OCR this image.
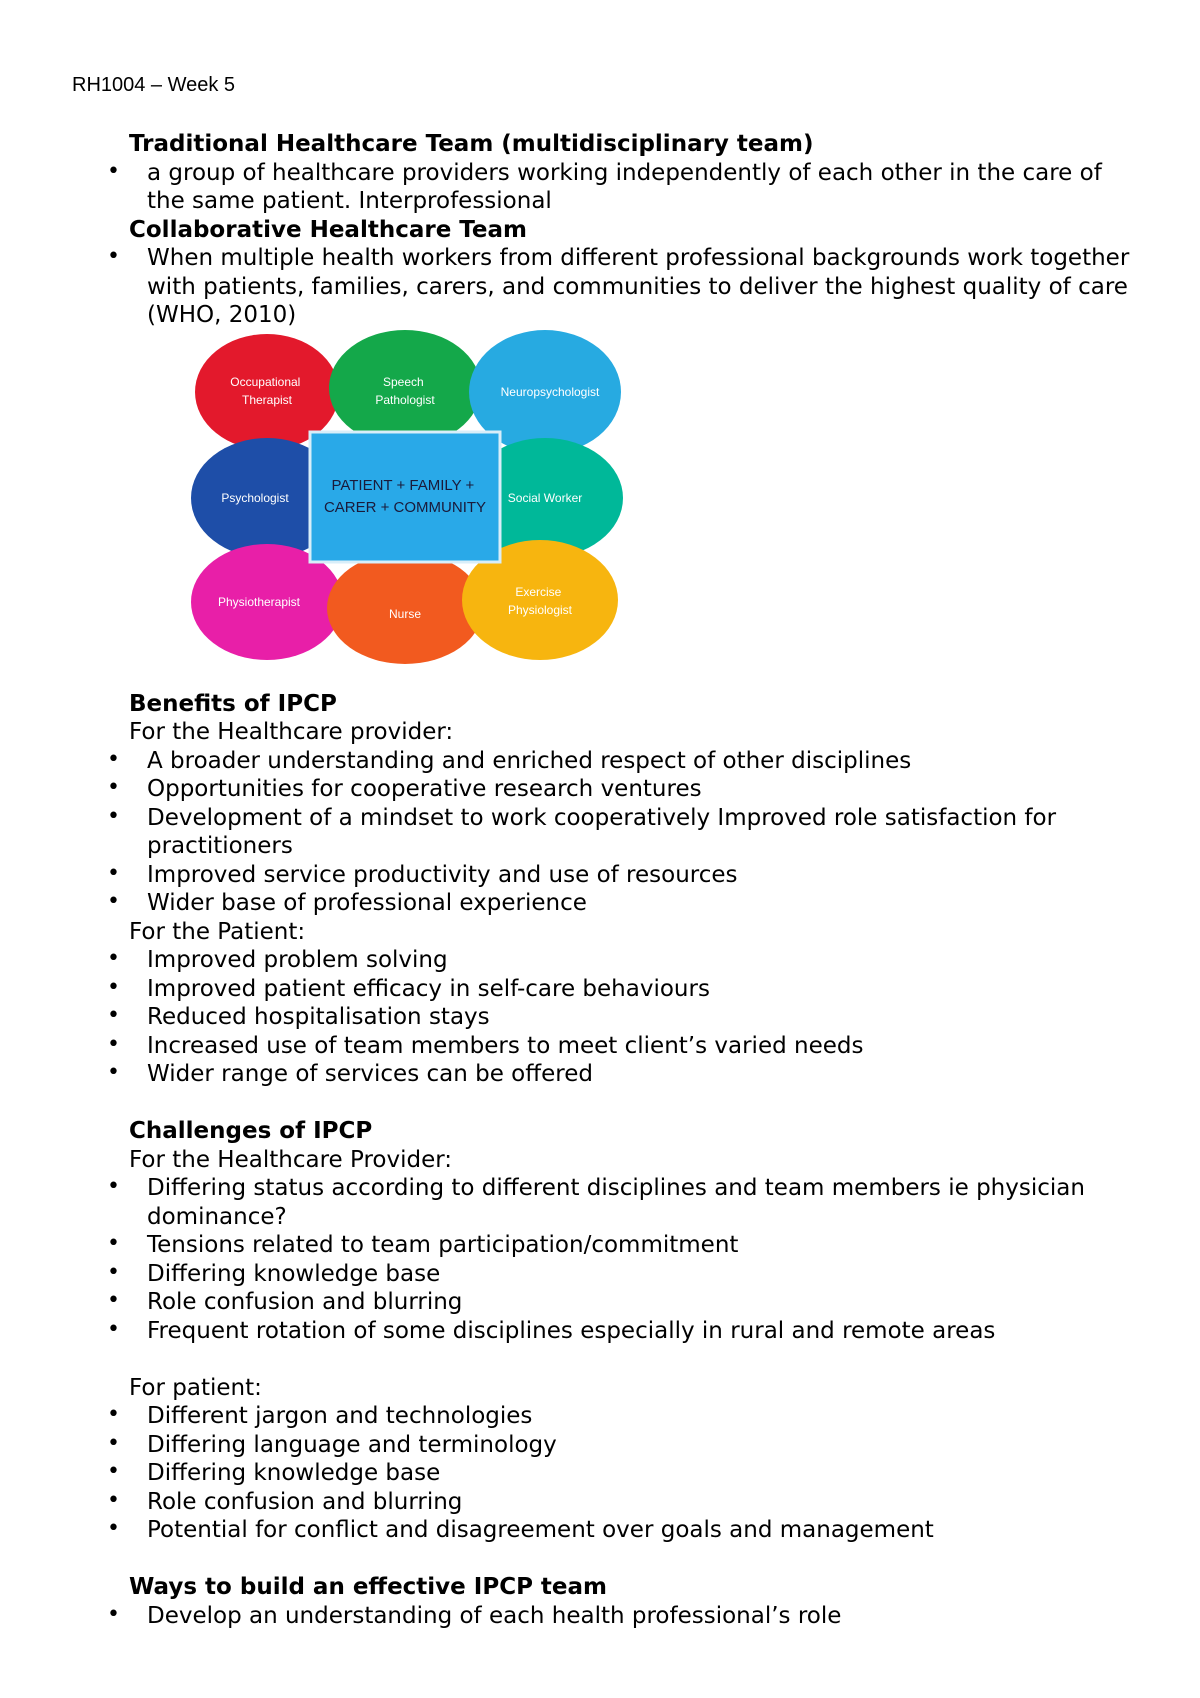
RH1004 – Week 5
Traditional Healthcare Team (multidisciplinary team)
• a group of healthcare providers working independently of each other in the care of the same patient. Interprofessional
Collaborative Healthcare Team
• When multiple health workers from different professional backgrounds work together with patients, families, carers, and communities to deliver the highest quality of care (WHO, 2010)
Occupational Therapist
Speech Pathologist
Neuropsychologist
Psychologist	Social Worker
Physiotherapist
Nurse
Exercise Physiologist
PATIENT + FAMILY + CARER + COMMUNITY
Benefits of IPCP
For the Healthcare provider:
• A broader understanding and enriched respect of other disciplines
• Opportunities for cooperative research ventures
• Development of a mindset to work cooperatively Improved role satisfaction for practitioners
• Improved service productivity and use of resources
• Wider base of professional experience
For the Patient:
• Improved problem solving
• Improved patient efficacy in self-care behaviours
• Reduced hospitalisation stays
• Increased use of team members to meet client’s varied needs
• Wider range of services can be offered
Challenges of IPCP
For the Healthcare Provider:
• Differing status according to different disciplines and team members ie physician dominance?
• Tensions related to team participation/commitment
• Differing knowledge base
• Role confusion and blurring
• Frequent rotation of some disciplines especially in rural and remote areas
For patient:
• Different jargon and technologies
• Differing language and terminology
• Differing knowledge base
• Role confusion and blurring
• Potential for conflict and disagreement over goals and management
Ways to build an effective IPCP team
• Develop an understanding of each health professional’s role
